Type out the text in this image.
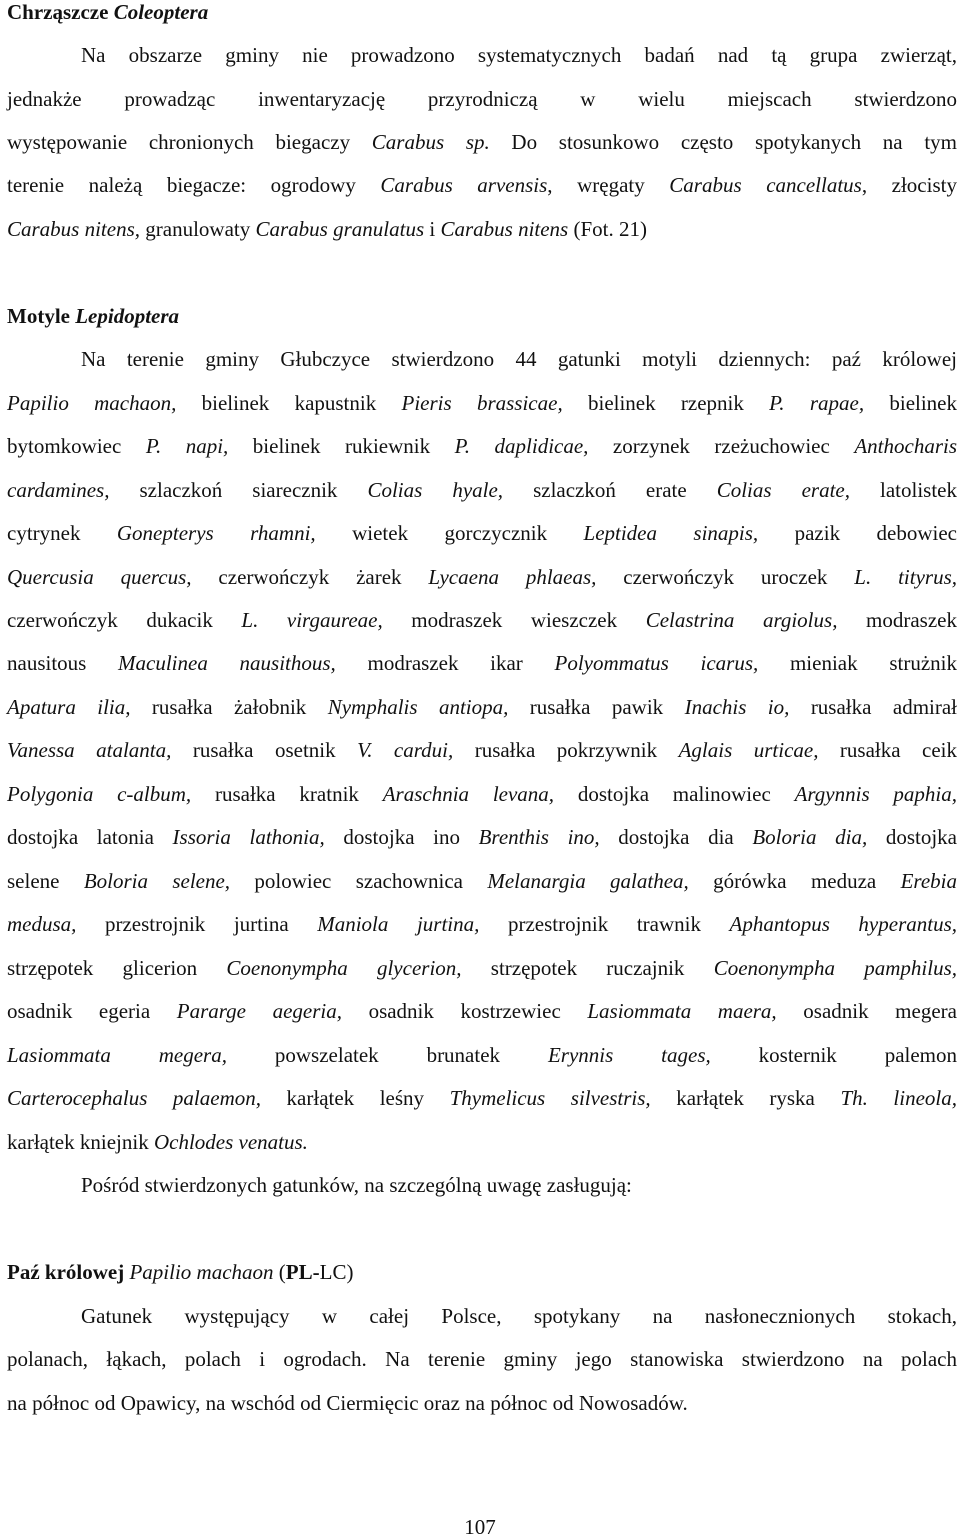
Chrząszcze Coleoptera
Na obszarze gminy nie prowadzono systematycznych badań nad tą grupa zwierząt,
jednakże prowadząc inwentaryzację przyrodniczą w wielu miejscach stwierdzono
występowanie chronionych biegaczy Carabus sp. Do stosunkowo często spotykanych na tym
terenie należą biegacze: ogrodowy Carabus arvensis, wręgaty Carabus cancellatus, złocisty
Carabus nitens, granulowaty Carabus granulatus i Carabus nitens (Fot. 21)
Motyle Lepidoptera
Na terenie gminy Głubczyce stwierdzono 44 gatunki motyli dziennych: paź królowej
Papilio machaon, bielinek kapustnik Pieris brassicae, bielinek rzepnik P. rapae, bielinek
bytomkowiec P. napi, bielinek rukiewnik P. daplidicae, zorzynek rzeżuchowiec Anthocharis
cardamines, szlaczkoń siarecznik Colias hyale, szlaczkoń erate Colias erate, latolistek
cytrynek Gonepterys rhamni, wietek gorczycznik Leptidea sinapis, pazik debowiec
Quercusia quercus, czerwończyk żarek Lycaena phlaeas, czerwończyk uroczek L. tityrus,
czerwończyk dukacik L. virgaureae, modraszek wieszczek Celastrina argiolus, modraszek
nausitous Maculinea nausithous, modraszek ikar Polyommatus icarus, mieniak strużnik
Apatura ilia, rusałka żałobnik Nymphalis antiopa, rusałka pawik Inachis io, rusałka admirał
Vanessa atalanta, rusałka osetnik V. cardui, rusałka pokrzywnik Aglais urticae, rusałka ceik
Polygonia c-album, rusałka kratnik Araschnia levana, dostojka malinowiec Argynnis paphia,
dostojka latonia Issoria lathonia, dostojka ino Brenthis ino, dostojka dia Boloria dia, dostojka
selene Boloria selene, polowiec szachownica Melanargia galathea, górówka meduza Erebia
medusa, przestrojnik jurtina Maniola jurtina, przestrojnik trawnik Aphantopus hyperantus,
strzępotek glicerion Coenonympha glycerion, strzępotek ruczajnik Coenonympha pamphilus,
osadnik egeria Pararge aegeria, osadnik kostrzewiec Lasiommata maera, osadnik megera
Lasiommata megera, powszelatek brunatek Erynnis tages, kosternik palemon
Carterocephalus palaemon, karłątek leśny Thymelicus silvestris, karłątek ryska Th. lineola,
karłątek kniejnik Ochlodes venatus.
Pośród stwierdzonych gatunków, na szczególną uwagę zasługują:
Paź królowej Papilio machaon (PL-LC)
Gatunek występujący w całej Polsce, spotykany na nasłonecznionych stokach,
polanach, łąkach, polach i ogrodach. Na terenie gminy jego stanowiska stwierdzono na polach
na północ od Opawicy, na wschód od Ciermięcic oraz na północ od Nowosadów.
107
